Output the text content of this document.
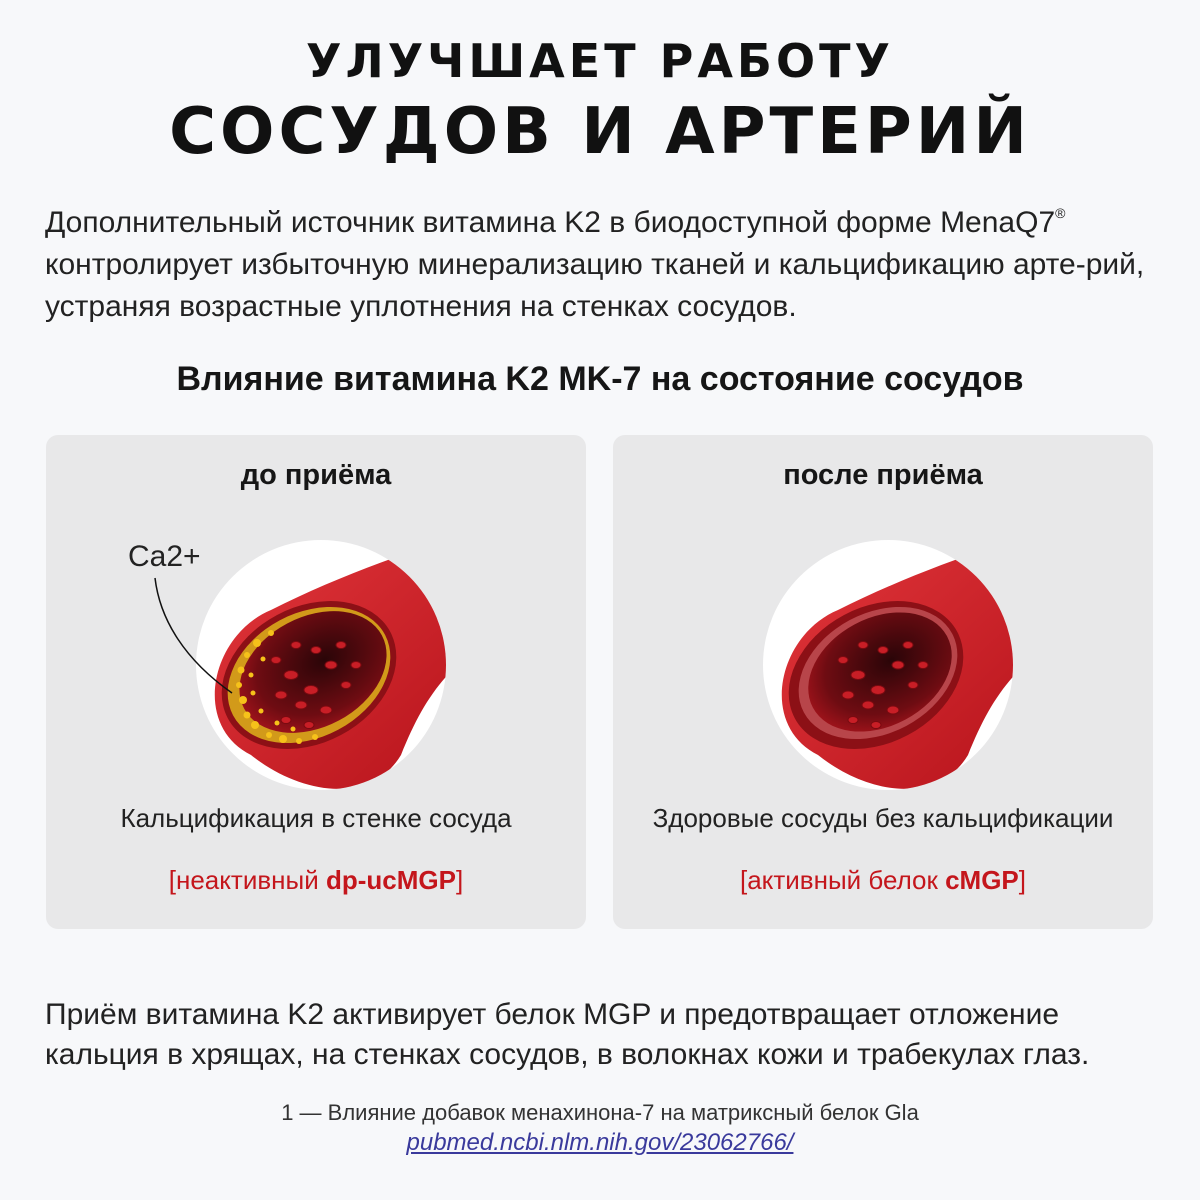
УЛУЧШАЕТ РАБОТУ
СОСУДОВ И АРТЕРИЙ

Дополнительный источник витамина K2 в биодоступной форме MenaQ7® контролирует избыточную минерализацию тканей и кальцификацию арте-рий, устраняя возрастные уплотнения на стенках сосудов.

Влияние витамина K2 MK-7 на состояние сосудов
до приёма
Кальцификация в стенке сосуда
[неактивный dp-ucMGP]
Ca2+
после приёма
Здоровые сосуды без кальцификации
[активный белок cMGP]

Приём витамина K2 активирует белок MGP и предотвращает отложение кальция в хрящах, на стенках сосудов, в волокнах кожи и трабекулах глаз.

1 — Влияние добавок менахинона-7 на матриксный белок Gla
pubmed.ncbi.nlm.nih.gov/23062766/
